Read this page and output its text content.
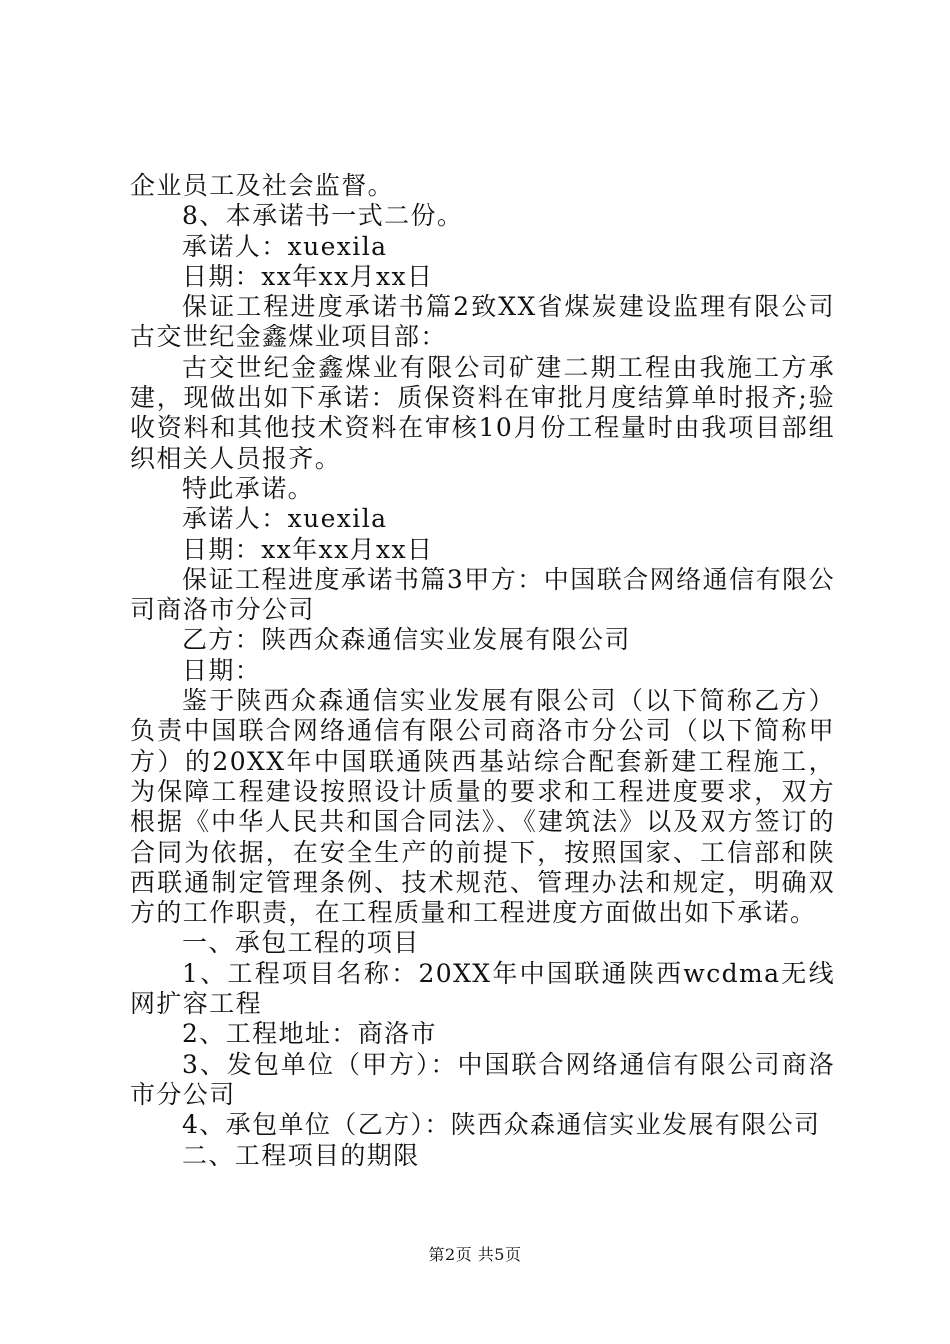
企业员工及社会监督。

8、本承诺书一式二份。

承诺人：xuexila

日期：xx年xx月xx日

保证工程进度承诺书篇2致XX省煤炭建设监理有限公司古交世纪金鑫煤业项目部：

古交世纪金鑫煤业有限公司矿建二期工程由我施工方承建，现做出如下承诺：质保资料在审批月度结算单时报齐;验收资料和其他技术资料在审核10月份工程量时由我项目部组织相关人员报齐。

特此承诺。

承诺人：xuexila

日期：xx年xx月xx日

保证工程进度承诺书篇3甲方：中国联合网络通信有限公司商洛市分公司

乙方：陕西众森通信实业发展有限公司

日期：

鉴于陕西众森通信实业发展有限公司（以下简称乙方）负责中国联合网络通信有限公司商洛市分公司（以下简称甲方）的20XX年中国联通陕西基站综合配套新建工程施工，为保障工程建设按照设计质量的要求和工程进度要求，双方根据《中华人民共和国合同法》、《建筑法》以及双方签订的合同为依据，在安全生产的前提下，按照国家、工信部和陕西联通制定管理条例、技术规范、管理办法和规定，明确双方的工作职责，在工程质量和工程进度方面做出如下承诺。

一、承包工程的项目

1、工程项目名称：20XX年中国联通陕西wcdma无线网扩容工程

2、工程地址：商洛市

3、发包单位（甲方）：中国联合网络通信有限公司商洛市分公司

4、承包单位（乙方）：陕西众森通信实业发展有限公司

二、工程项目的期限

第2页 共5页
